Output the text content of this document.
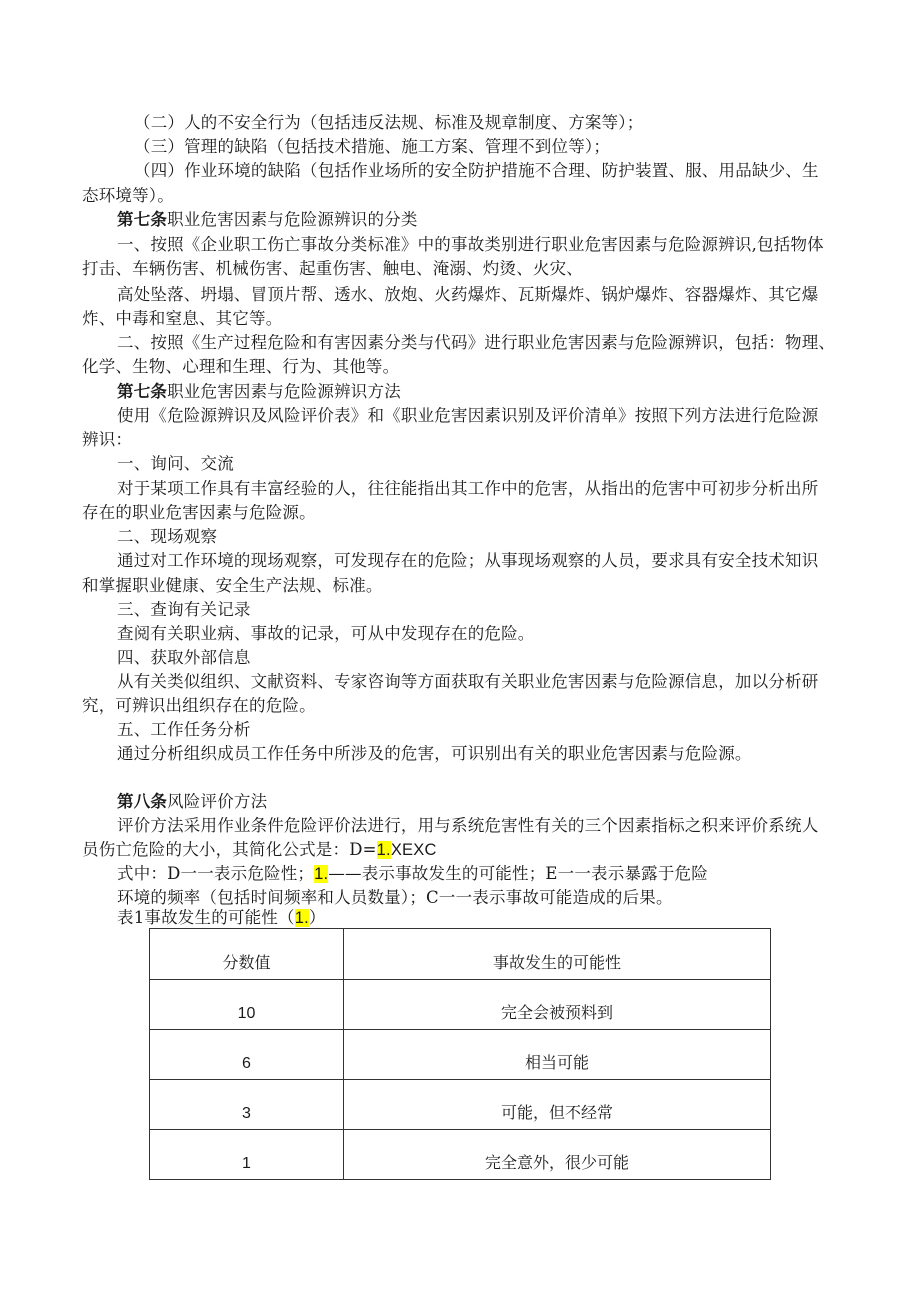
（二）人的不安全行为（包括违反法规、标准及规章制度、方案等）；

（三）管理的缺陷（包括技术措施、施工方案、管理不到位等）；

（四）作业环境的缺陷（包括作业场所的安全防护措施不合理、防护装置、服、用品缺少、生

态环境等）。

第七条职业危害因素与危险源辨识的分类

一、按照《企业职工伤亡事故分类标准》中的事故类别进行职业危害因素与危险源辨识,包括物体

打击、车辆伤害、机械伤害、起重伤害、触电、淹溺、灼烫、火灾、

高处坠落、坍塌、冒顶片帮、透水、放炮、火药爆炸、瓦斯爆炸、锅炉爆炸、容器爆炸、其它爆

炸、中毒和窒息、其它等。

二、按照《生产过程危险和有害因素分类与代码》进行职业危害因素与危险源辨识，包括：物理、

化学、生物、心理和生理、行为、其他等。

第七条职业危害因素与危险源辨识方法

使用《危险源辨识及风险评价表》和《职业危害因素识别及评价清单》按照下列方法进行危险源

辨识：

一、询问、交流

对于某项工作具有丰富经验的人，往往能指出其工作中的危害，从指出的危害中可初步分析出所

存在的职业危害因素与危险源。

二、现场观察

通过对工作环境的现场观察，可发现存在的危险；从事现场观察的人员，要求具有安全技术知识

和掌握职业健康、安全生产法规、标准。

三、查询有关记录

查阅有关职业病、事故的记录，可从中发现存在的危险。

四、获取外部信息

从有关类似组织、文献资料、专家咨询等方面获取有关职业危害因素与危险源信息，加以分析研

究，可辨识出组织存在的危险。

五、工作任务分析

通过分析组织成员工作任务中所涉及的危害，可识别出有关的职业危害因素与危险源。

第八条风险评价方法

评价方法采用作业条件危险评价法进行，用与系统危害性有关的三个因素指标之积来评价系统人

员伤亡危险的大小，其简化公式是：D=1.XEXC

式中：D一一表示危险性；1.——表示事故发生的可能性；E一一表示暴露于危险

环境的频率（包括时间频率和人员数量）；C一一表示事故可能造成的后果。

表1事故发生的可能性（1.）

分数值	事故发生的可能性
10	完全会被预料到
6	相当可能
3	可能，但不经常
1	完全意外，很少可能
